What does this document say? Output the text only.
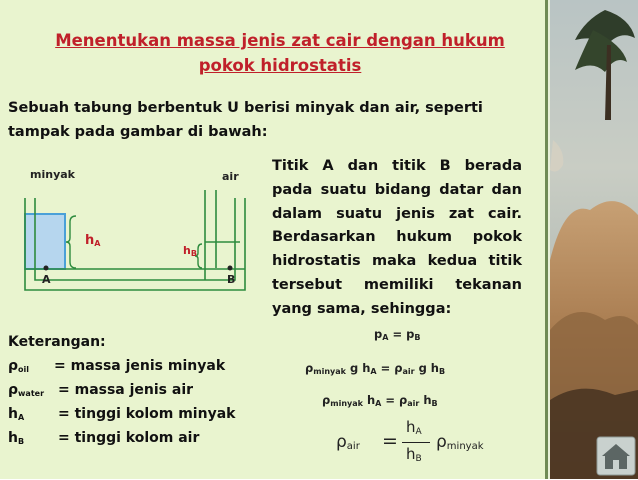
Menentukan massa jenis zat cair dengan hukum
pokok hidrostatis
Sebuah tabung berbentuk U berisi minyak dan air, seperti
tampak pada gambar di bawah:
minyak	air
$h_A$
$h_B$
A	B
Titik A dan titik B berada pada suatu bidang datar dan dalam suatu jenis zat cair. Berdasarkan hukum pokok hidrostatis maka kedua titik tersebut memiliki tekanan yang sama, sehingga:
Keterangan:
$\rho_{oil}$ = massa jenis minyak
$\rho_{water}$ = massa jenis air
$h_A$ = tinggi kolom minyak
$h_B$ = tinggi kolom air
$p_A = p_B$
$\rho_{minyak}$ g $h_A = \rho_{air}$ g $h_B$
$\rho_{minyak}$ $h_A = \rho_{air}$ $h_B$
$\rho_{air}$ =
$h_A$
$h_B$
$\rho_{minyak}$
